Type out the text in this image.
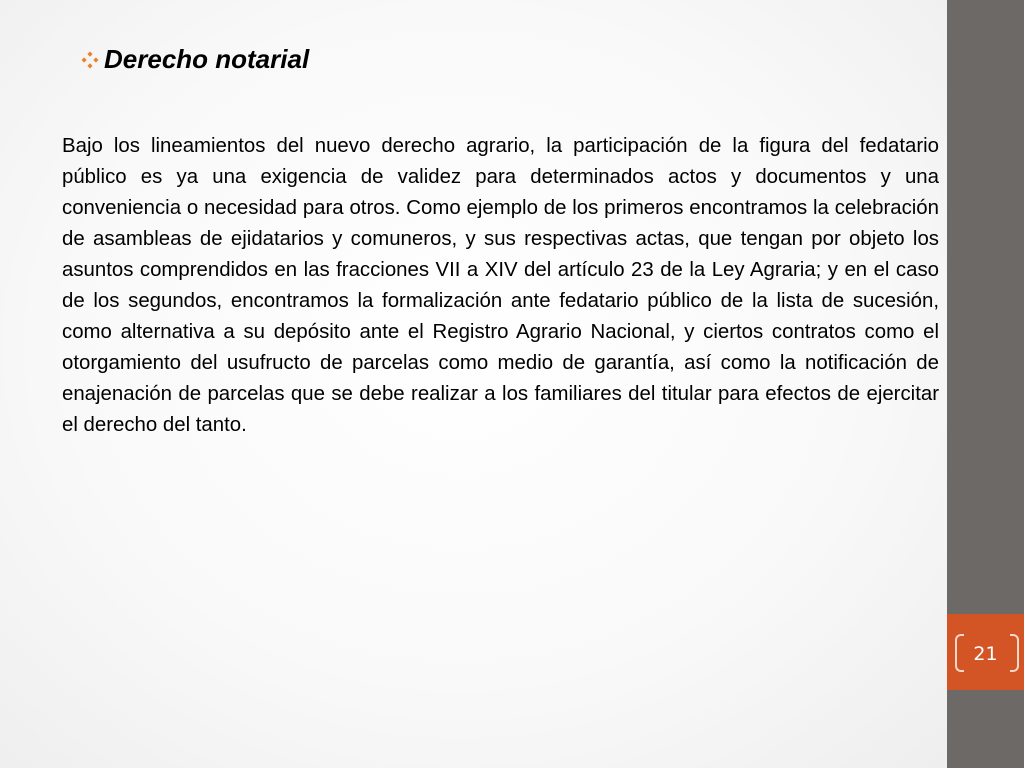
Derecho notarial

Bajo los lineamientos del nuevo derecho agrario, la participación de la figura del fedatario público es ya una exigencia de validez para determinados actos y documentos y una conveniencia o necesidad para otros. Como ejemplo de los primeros encontramos la celebración de asambleas de ejidatarios y comuneros, y sus respectivas actas, que tengan por objeto los asuntos comprendidos en las fracciones VII a XIV del artículo 23 de la Ley Agraria; y en el caso de los segundos, encontramos la formalización ante fedatario público de la lista de sucesión, como alternativa a su depósito ante el Registro Agrario Nacional, y ciertos contratos como el otorgamiento del usufructo de parcelas como medio de garantía, así como la notificación de enajenación de parcelas que se debe realizar a los familiares del titular para efectos de ejercitar el derecho del tanto.

21
